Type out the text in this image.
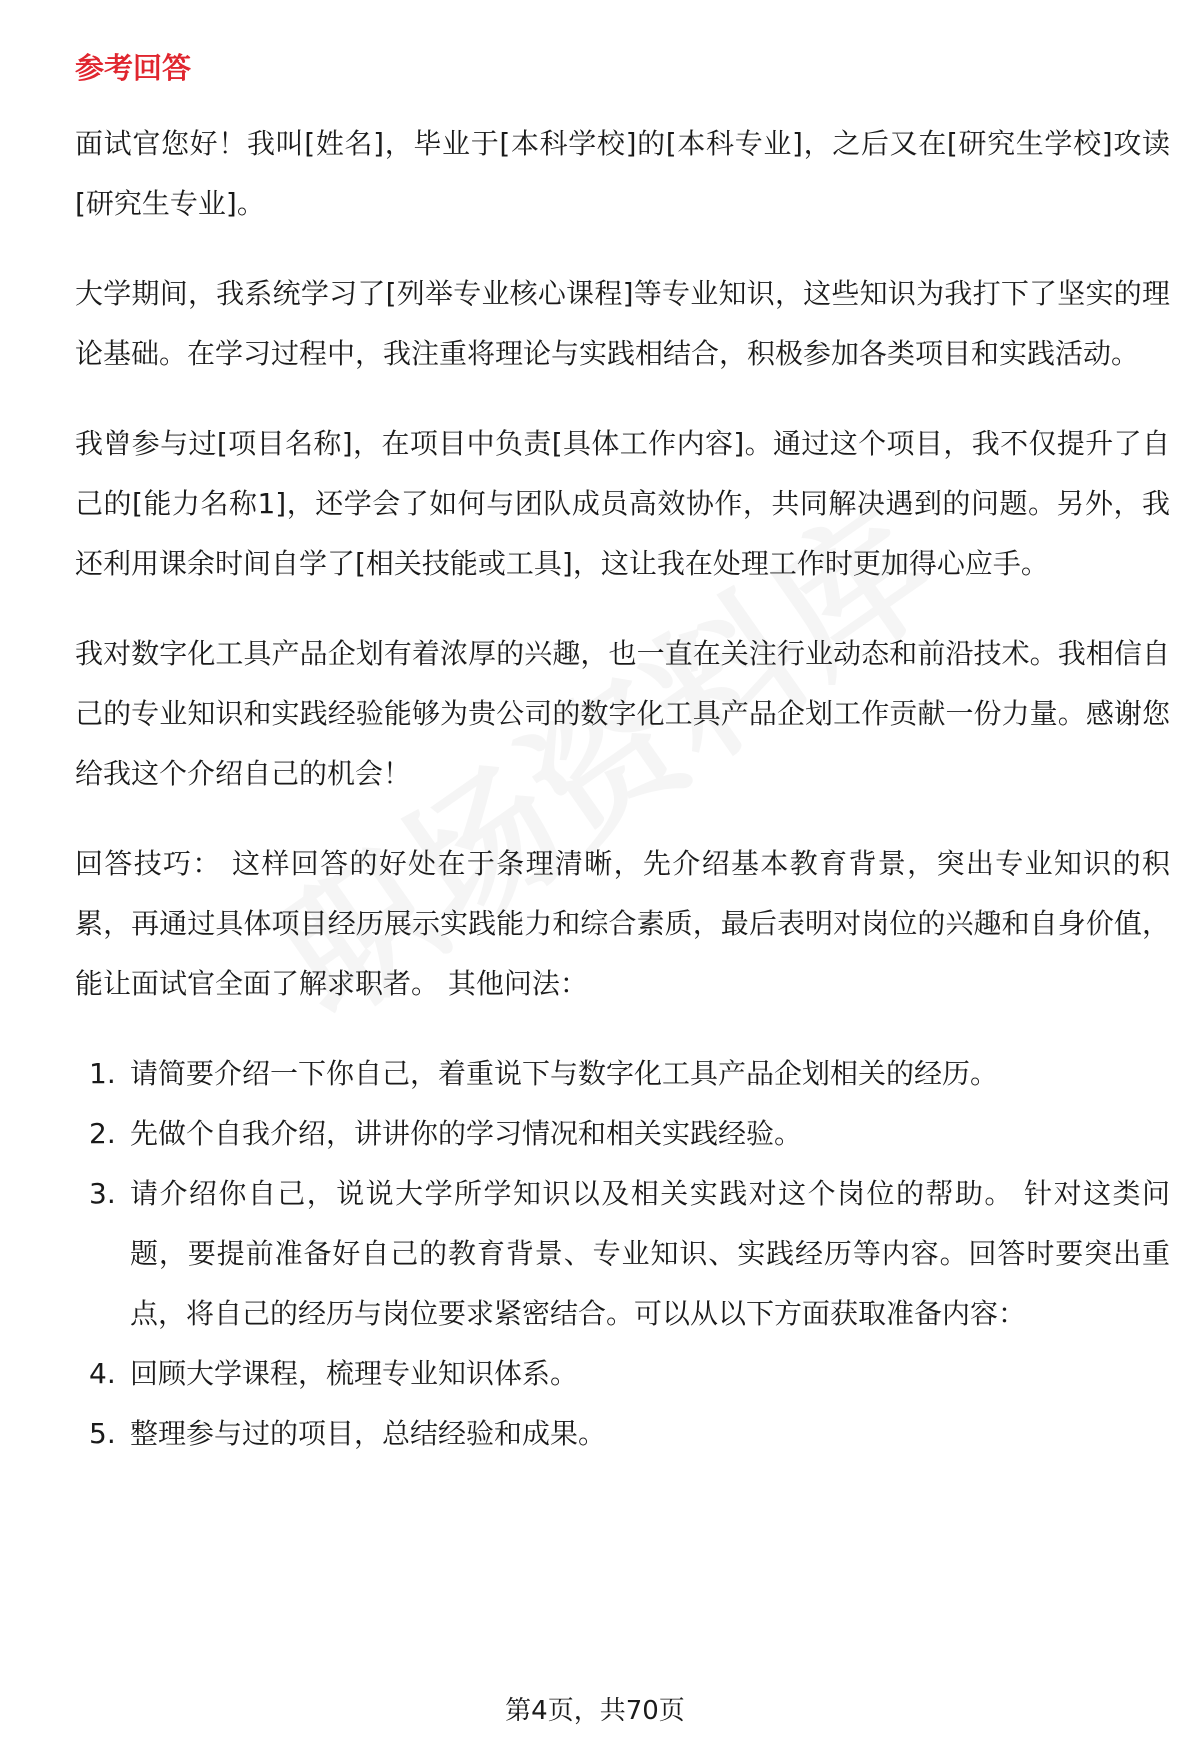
参考回答

面试官您好！我叫[姓名]，毕业于[本科学校]的[本科专业]，之后又在[研究生学校]攻读[研究生专业]。

大学期间，我系统学习了[列举专业核心课程]等专业知识，这些知识为我打下了坚实的理论基础。在学习过程中，我注重将理论与实践相结合，积极参加各类项目和实践活动。

我曾参与过[项目名称]，在项目中负责[具体工作内容]。通过这个项目，我不仅提升了自己的[能力名称1]，还学会了如何与团队成员高效协作，共同解决遇到的问题。另外，我还利用课余时间自学了[相关技能或工具]，这让我在处理工作时更加得心应手。

我对数字化工具产品企划有着浓厚的兴趣，也一直在关注行业动态和前沿技术。我相信自己的专业知识和实践经验能够为贵公司的数字化工具产品企划工作贡献一份力量。感谢您给我这个介绍自己的机会！

回答技巧： 这样回答的好处在于条理清晰，先介绍基本教育背景，突出专业知识的积累，再通过具体项目经历展示实践能力和综合素质，最后表明对岗位的兴趣和自身价值，能让面试官全面了解求职者。 其他问法：

1. 请简要介绍一下你自己，着重说下与数字化工具产品企划相关的经历。
2. 先做个自我介绍，讲讲你的学习情况和相关实践经验。
3. 请介绍你自己，说说大学所学知识以及相关实践对这个岗位的帮助。 针对这类问题，要提前准备好自己的教育背景、专业知识、实践经历等内容。回答时要突出重点，将自己的经历与岗位要求紧密结合。可以从以下方面获取准备内容：
4. 回顾大学课程，梳理专业知识体系。
5. 整理参与过的项目，总结经验和成果。
第4页，共70页
